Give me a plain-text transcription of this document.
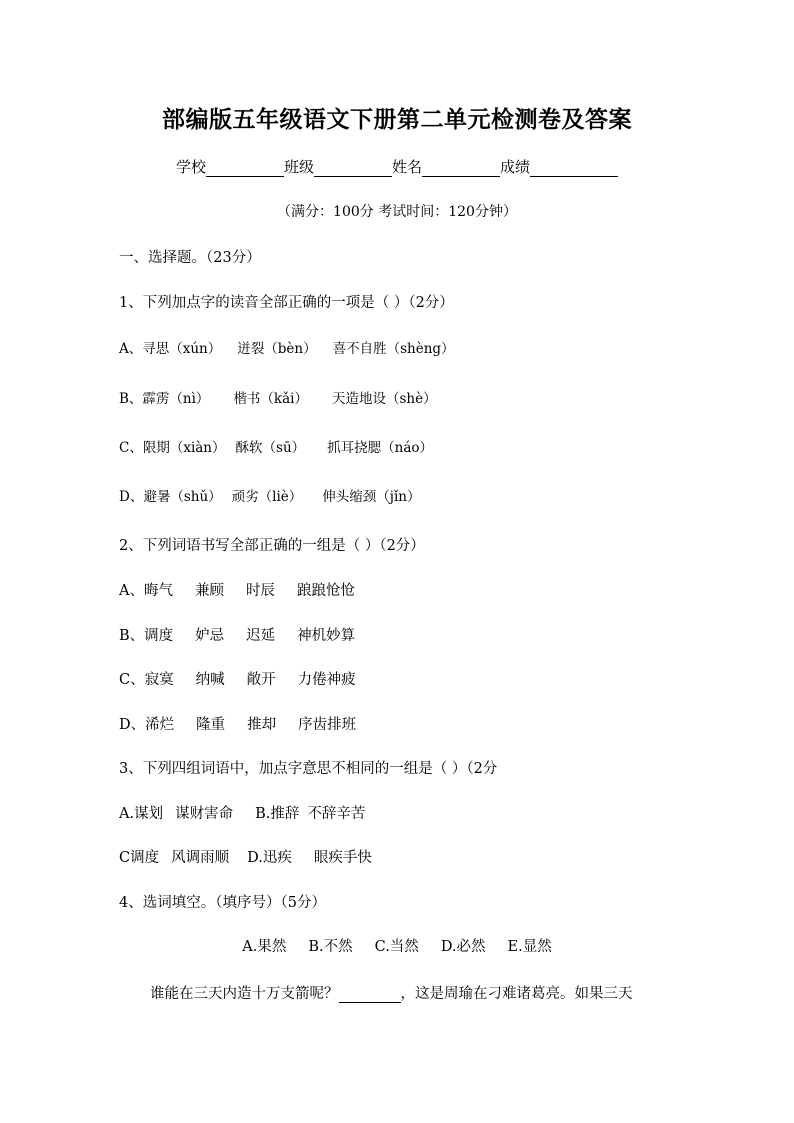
部编版五年级语文下册第二单元检测卷及答案
学校	班级	姓名	成绩
（满分：100分 考试时间：120分钟）
一、选择题。（23分）
1、下列加点字的读音全部正确的一项是（ ）（2分）
A、寻思（xún） 迸裂（bèn） 喜不自胜（shèng）
B、霹雳（nì） 楷书（kǎi） 天造地设（shè）
C、限期（xiàn） 酥软（sū） 抓耳挠腮（náo）
D、避暑（shǔ） 顽劣（liè） 伸头缩颈（jǐn）
2、下列词语书写全部正确的一组是（ ）（2分）
A、晦气 兼顾 时辰 踉踉怆怆
B、调度 妒忌 迟延 神机妙算
C、寂寞 纳喊 敞开 力倦神疲
D、浠烂 隆重 推却 序齿排班
3、下列四组词语中，加点字意思不相同的一组是（ ）（2分
A.谋划 谋财害命 B.推辞 不辞辛苦
C调度 风调雨顺 D.迅疾 眼疾手快
4、选词填空。（填序号）（5分）
A.果然 B.不然 C.当然 D.必然 E.显然
谁能在三天内造十万支箭呢？	，这是周瑜在刁难诸葛亮。如果三天
